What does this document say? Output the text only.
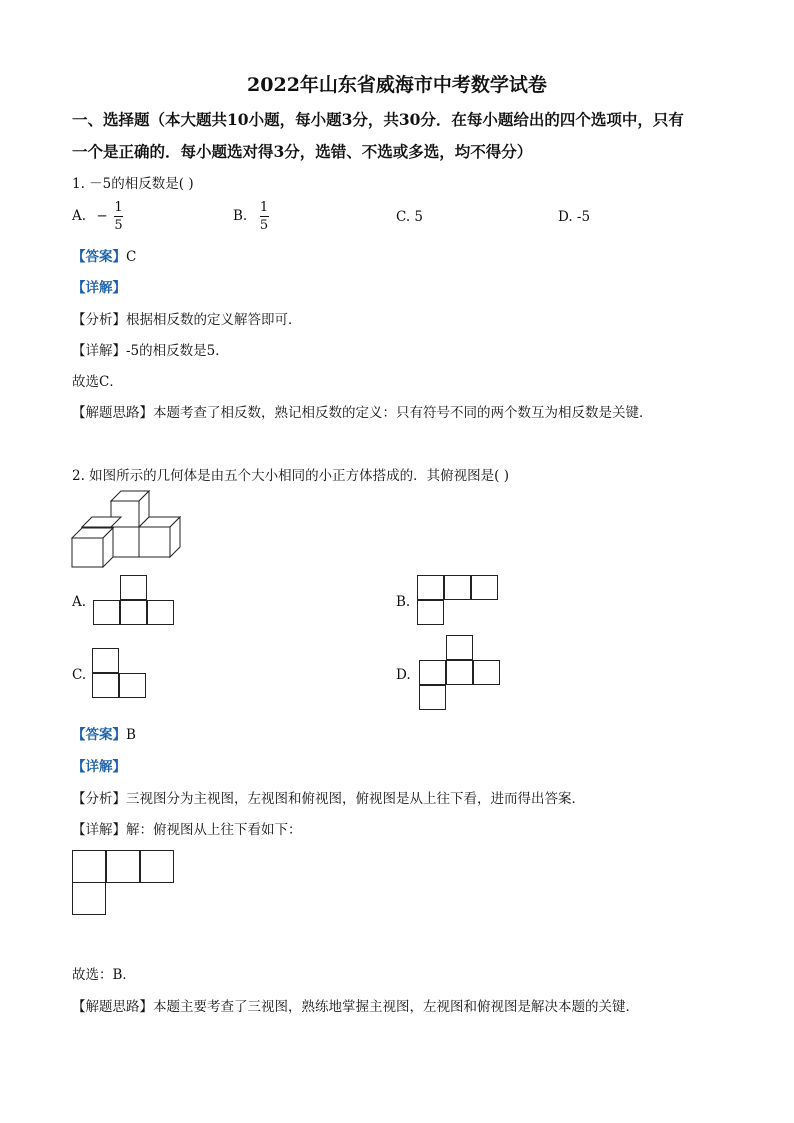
2022年山东省威海市中考数学试卷
一、选择题（本大题共10小题，每小题3分，共30分．在每小题给出的四个选项中，只有
一个是正确的．每小题选对得3分，选错、不选或多选，均不得分）
1. －5的相反数是( )
A. − $\frac{1}{5}$	B. $\frac{1}{5}$	C. 5	D. -5
【答案】C
【详解】
【分析】根据相反数的定义解答即可．
【详解】-5的相反数是5．
故选C．
【解题思路】本题考查了相反数，熟记相反数的定义：只有符号不同的两个数互为相反数是关键．
2. 如图所示的几何体是由五个大小相同的小正方体搭成的．其俯视图是( )
A.	B.
C.	D.
【答案】B
【详解】
【分析】三视图分为主视图，左视图和俯视图，俯视图是从上往下看，进而得出答案．
【详解】解：俯视图从上往下看如下：
故选：B．
【解题思路】本题主要考查了三视图，熟练地掌握主视图，左视图和俯视图是解决本题的关键．
